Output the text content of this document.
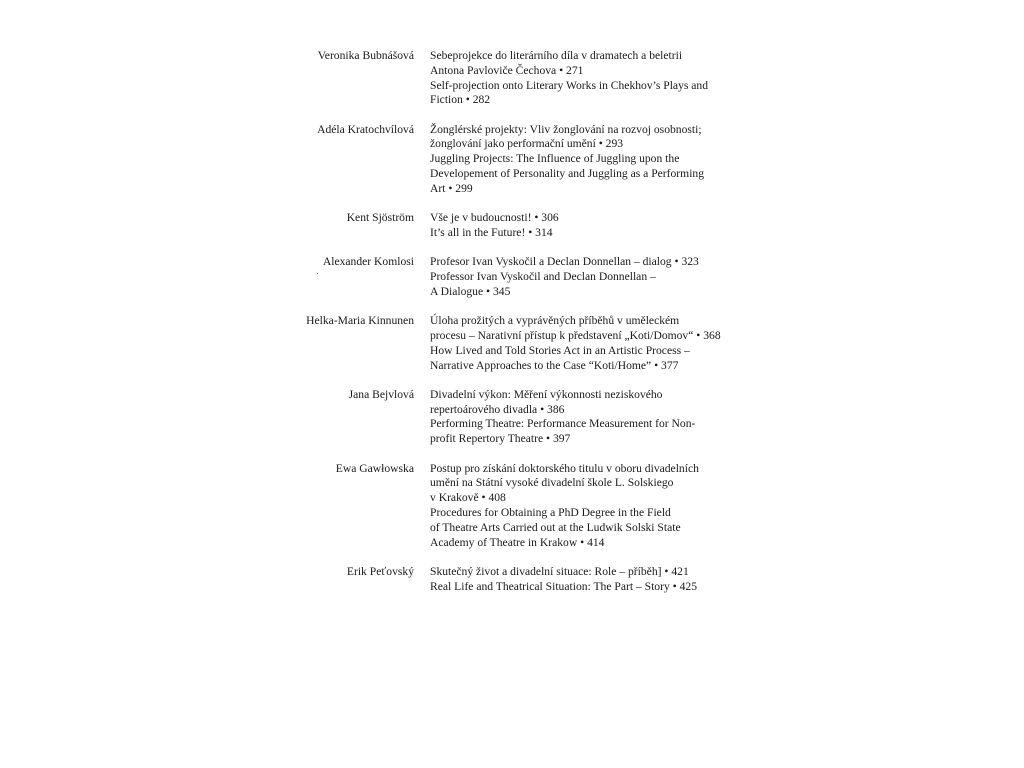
Veronika Bubnášová Sebeprojekce do literárního díla v dramatech a beletrii
Antona Pavloviče Čechova • 271
Self-projection onto Literary Works in Chekhov’s Plays and
Fiction • 282
Adéla Kratochvílová Žonglérské projekty: Vliv žonglování na rozvoj osobnosti;
žonglování jako performační umění • 293
Juggling Projects: The Influence of Juggling upon the
Developement of Personality and Juggling as a Performing
Art • 299
Kent Sjöström Vše je v budoucnosti! • 306
It’s all in the Future! • 314
Alexander Komlosi Profesor Ivan Vyskočil a Declan Donnellan – dialog • 323
Professor Ivan Vyskočil and Declan Donnellan –
A Dialogue • 345
Helka-Maria Kinnunen Úloha prožitých a vyprávěných příběhů v uměleckém
procesu – Narativní přístup k představení „Koti/Domov“ • 368
How Lived and Told Stories Act in an Artistic Process –
Narrative Approaches to the Case “Koti/Home” • 377
Jana Bejvlová Divadelní výkon: Měření výkonnosti neziskového
repertoárového divadla • 386
Performing Theatre: Performance Measurement for Non-
profit Repertory Theatre • 397
Ewa Gawłowska Postup pro získání doktorského titulu v oboru divadelních
umění na Státní vysoké divadelní škole L. Solskiego
v Krakově • 408
Procedures for Obtaining a PhD Degree in the Field
of Theatre Arts Carried out at the Ludwik Solski State
Academy of Theatre in Krakow • 414
Erik Peťovský Skutečný život a divadelní situace: Role – příběh] • 421
Real Life and Theatrical Situation: The Part – Story • 425
